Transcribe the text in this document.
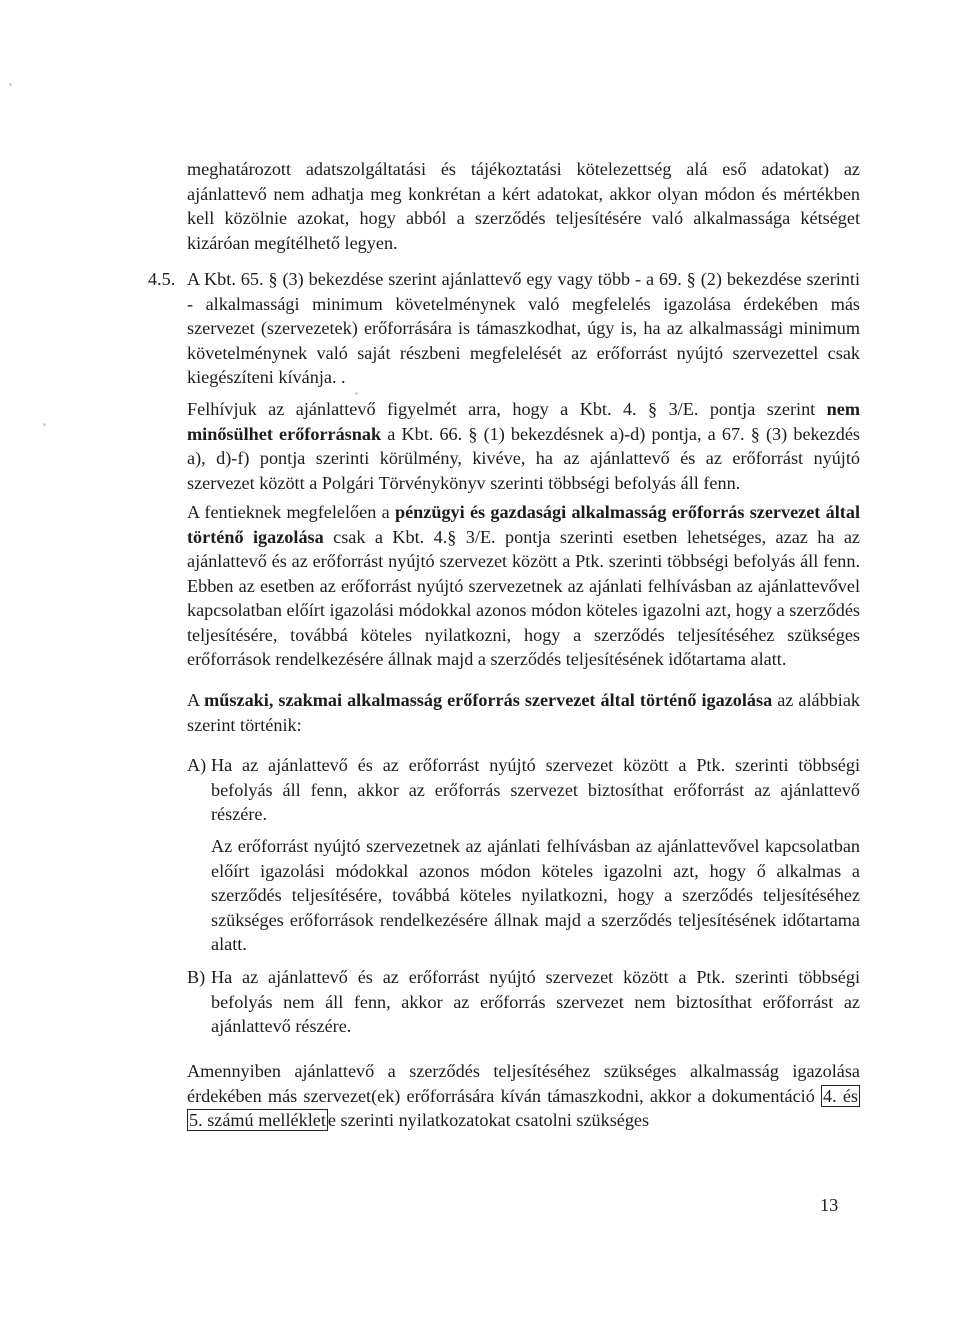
meghatározott adatszolgáltatási és tájékoztatási kötelezettség alá eső adatokat) az ajánlattevő nem adhatja meg konkrétan a kért adatokat, akkor olyan módon és mértékben kell közölnie azokat, hogy abból a szerződés teljesítésére való alkalmassága kétséget kizáróan megítélhető legyen.
4.5. A Kbt. 65. § (3) bekezdése szerint ajánlattevő egy vagy több - a 69. § (2) bekezdése szerinti - alkalmassági minimum követelménynek való megfelelés igazolása érdekében más szervezet (szervezetek) erőforrására is támaszkodhat, úgy is, ha az alkalmassági minimum követelménynek való saját részbeni megfelelését az erőforrást nyújtó szervezettel csak kiegészíteni kívánja. .
Felhívjuk az ajánlattevő figyelmét arra, hogy a Kbt. 4. § 3/E. pontja szerint nem minősülhet erőforrásnak a Kbt. 66. § (1) bekezdésnek a)-d) pontja, a 67. § (3) bekezdés a), d)-f) pontja szerinti körülmény, kivéve, ha az ajánlattevő és az erőforrást nyújtó szervezet között a Polgári Törvénykönyv szerinti többségi befolyás áll fenn.
A fentieknek megfelelően a pénzügyi és gazdasági alkalmasság erőforrás szervezet által történő igazolása csak a Kbt. 4.§ 3/E. pontja szerinti esetben lehetséges, azaz ha az ajánlattevő és az erőforrást nyújtó szervezet között a Ptk. szerinti többségi befolyás áll fenn. Ebben az esetben az erőforrást nyújtó szervezetnek az ajánlati felhívásban az ajánlattevővel kapcsolatban előírt igazolási módokkal azonos módon köteles igazolni azt, hogy a szerződés teljesítésére, továbbá köteles nyilatkozni, hogy a szerződés teljesítéséhez szükséges erőforrások rendelkezésére állnak majd a szerződés teljesítésének időtartama alatt.
A műszaki, szakmai alkalmasság erőforrás szervezet által történő igazolása az alábbiak szerint történik:
A) Ha az ajánlattevő és az erőforrást nyújtó szervezet között a Ptk. szerinti többségi befolyás áll fenn, akkor az erőforrás szervezet biztosíthat erőforrást az ajánlattevő részére.
Az erőforrást nyújtó szervezetnek az ajánlati felhívásban az ajánlattevővel kapcsolatban előírt igazolási módokkal azonos módon köteles igazolni azt, hogy ő alkalmas a szerződés teljesítésére, továbbá köteles nyilatkozni, hogy a szerződés teljesítéséhez szükséges erőforrások rendelkezésére állnak majd a szerződés teljesítésének időtartama alatt.
B) Ha az ajánlattevő és az erőforrást nyújtó szervezet között a Ptk. szerinti többségi befolyás nem áll fenn, akkor az erőforrás szervezet nem biztosíthat erőforrást az ajánlattevő részére.
Amennyiben ajánlattevő a szerződés teljesítéséhez szükséges alkalmasság igazolása érdekében más szervezet(ek) erőforrására kíván támaszkodni, akkor a dokumentáció 4. és 5. számú melléklet e szerinti nyilatkozatokat csatolni szükséges
13
